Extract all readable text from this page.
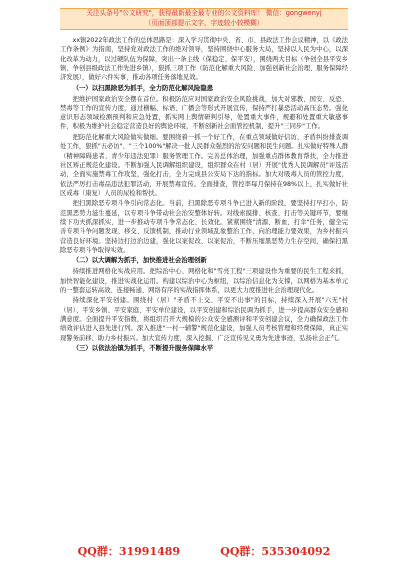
关注头条号"公文研究"，获得最新最全最专业的公文资料库！ 微信：gongwenyj
（页面顶部提示文字，字迹较小较模糊）

xx镇2022年政法工作的总体思路是：深入学习贯彻中央、省、市、县政法工作会议精神，以《政法工作条例》为指南，坚持党对政法工作的绝对领导，坚持围绕中心服务大局，坚持以人民为中心，以深化改革为动力，以过硬队伍为保障，突出一条主线（保稳定、保平安），围绕两大目标（争创全县平安乡镇、争创县级政法工作先进乡镇），狠抓三项工作（防范化解重大风险、加强创新社会治理、服务保障经济发展），做好六件实事，推动各项任务落地见效。

（一）以扫黑除恶为抓手，全力防范化解风险隐患

把维护国家政治安全摆在首位。积极防范应对国家政治安全风险挑战，加大对邪教、国安、反恐、禁毒等工作的宣传力度，通过横幅、标语、广播会等形式开展宣传，保持严打暴恐活动高压态势。强化意识形态领域检测预判和应急处置，抓实网上舆情研判引导，处置重大事件，规避和处置重大敏感事件，积极为维护社会稳定营造良好的舆论环境，不断创新社会面管控机制，提升"三同步"工作。

把防范化解重大风险做实做细。要围绕着一抓一个好工作，在重点领域做好信访、矛盾纠纷排查调处工作，狠抓"五必访"、"三个100%"解决一批人民群众强烈的治安问题和民生问题。扎实做好特殊人群（精神障碍患者、青少年违法犯罪）服务管理工作。完善总体治理，加强重点群体教育帮扶，全力推进社区矫正规范化建设。不断加强人民调解组织建设，组织群众在村（居）开展"优秀人民调解员"评选活动，全面实施禁毒工作攻坚，强化打击，全力完成县公安局下达的指标。加大对吸毒人员的管控力度，依法严厉打击毒品违法犯罪活动，开展禁毒宣传。全面排查，管控率每月保持在98%以上，扎实做好社区戒毒（康复）人员的尿检和帮扶。

把扫黑除恶专项斗争引向常态化。当前，扫黑除恶专项斗争已进入新的阶段，要坚持打早打小，防范黑恶势力滋生蔓延，以专项斗争带动社会治安整体好转。对线索摸排、核查、打击等关键环节，要继续下功夫抓深抓实，进一步推动专项斗争常态化、长效化。紧紧围绕"清源、断血、打伞"任务，健全完善专项斗争问题发现、移交、反馈机制，推动行业领域乱象整治工作，向治理能力要效果，为乡村振兴营造良好环境。坚持边打边治边建，强化以案促改、以案促治，不断压缩黑恶势力生存空间，确保扫黑除恶专项斗争取得实效。

（二）以大调解为抓手，加快推进社会治理创新

持续推进网格化实战应用。把综治中心、网格化和"雪亮工程"三项建设作为重要的民生工程来抓，加快智能化建设，推进实战化运用。构建以综治中心为枢纽，以综治信息化为支撑，以网格为基本单元的一整套运转高效、连接畅通、网络有序的实战指挥体系，以更大力度推进社会治理现代化。

持续深化平安创建。围绕村（居）"矛盾不上交、平安不出事"的目标，持续深入开展"六无"村（居）、平安乡镇、平安家庭、平安单位建设，以平安创建和综治民调为抓手，进一步提高群众安全感和满意度。全面提升平安指数，将组织召开大规模的公众安全感测评和平安创建会议，全力确保政法工作绩效评估进入县先进行列。深入推进"一村一辅警"规范化建设，加强人员考核管理和经费保障，真正实现警务前移、助力乡村振兴。加大宣传力度，深入挖掘、广泛宣传见义勇为先进事迹，弘扬社会正气。

（三）以依法治镇为抓手，不断提升服务保障水平
QQ群：31991489	QQ群：535304092
